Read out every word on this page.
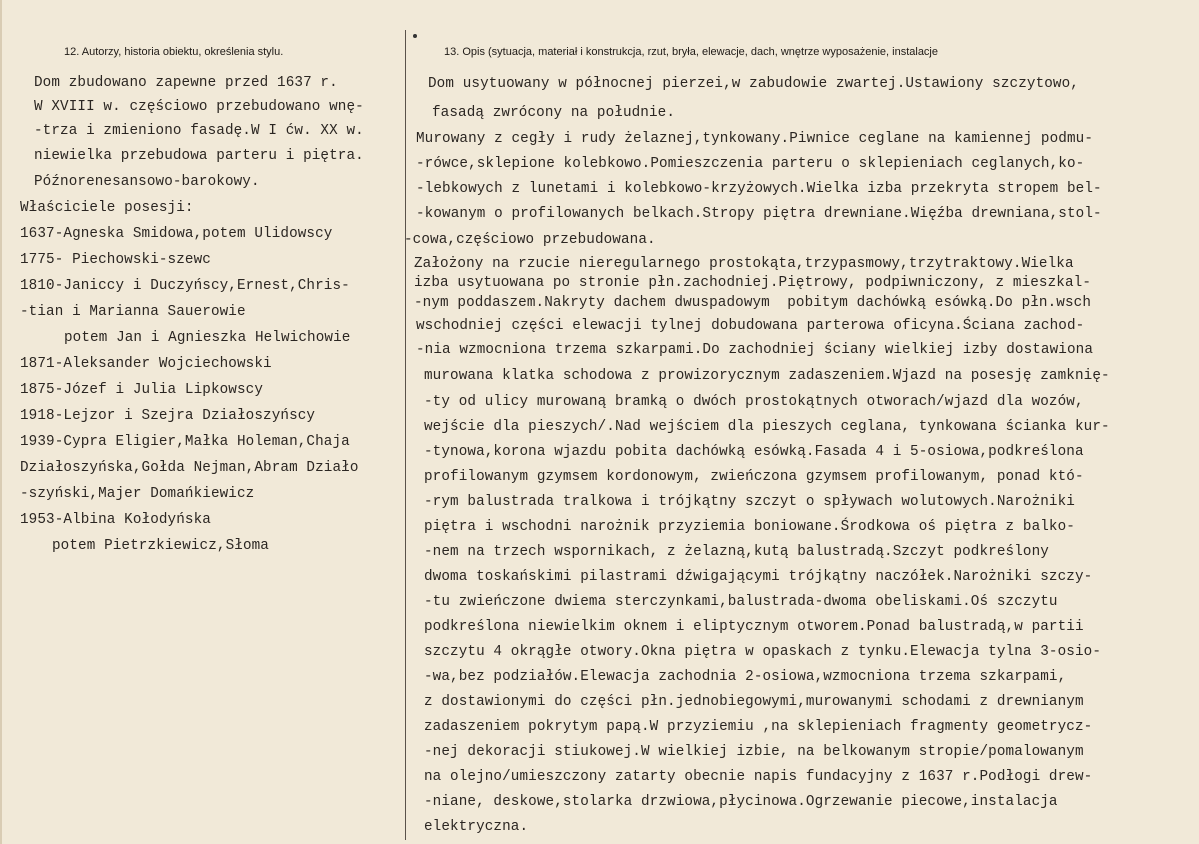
12. Autorzy, historia obiektu, określenia stylu.	13. Opis (sytuacja, materiał i konstrukcja, rzut, bryła, elewacje, dach, wnętrze wyposażenie, instalacje
Dom zbudowano zapewne przed 1637 r.
W XVIII w. częściowo przebudowano wnę-
-trza i zmieniono fasadę.W I ćw. XX w.
niewielka przebudowa parteru i piętra.
Późnorenesansowo-barokowy.
Właściciele posesji:
1637-Agneska Smidowa,potem Ulidowscy
1775- Piechowski-szewc
1810-Janiccy i Duczyńscy,Ernest,Chris-
-tian i Marianna Sauerowie
potem Jan i Agnieszka Helwichowie
1871-Aleksander Wojciechowski
1875-Józef i Julia Lipkowscy
1918-Lejzor i Szejra Działoszyńscy
1939-Cypra Eligier,Małka Holeman,Chaja
Działoszyńska,Gołda Nejman,Abram Działo
-szyński,Majer Domańkiewicz
1953-Albina Kołodyńska
potem Pietrzkiewicz,Słoma
Dom usytuowany w północnej pierzei,w zabudowie zwartej.Ustawiony szczytowo,
fasadą zwrócony na południe.
Murowany z cegły i rudy żelaznej,tynkowany.Piwnice ceglane na kamiennej podmu-
-rówce,sklepione kolebkowo.Pomieszczenia parteru o sklepieniach ceglanych,ko-
-lebkowych z lunetami i kolebkowo-krzyżowych.Wielka izba przekryta stropem bel-
-kowanym o profilowanych belkach.Stropy piętra drewniane.Więźba drewniana,stol-
-cowa,częściowo przebudowana.
Założony na rzucie nieregularnego prostokąta,trzypasmowy,trzytraktowy.Wielka
izba usytuowana po stronie płn.zachodniej.Piętrowy, podpiwniczony, z mieszkal-
-nym poddaszem.Nakryty dachem dwuspadowym  pobitym dachówką esówką.Do płn.wsch
wschodniej części elewacji tylnej dobudowana parterowa oficyna.Ściana zachod-
-nia wzmocniona trzema szkarpami.Do zachodniej ściany wielkiej izby dostawiona
murowana klatka schodowa z prowizorycznym zadaszeniem.Wjazd na posesję zamknię-
-ty od ulicy murowaną bramką o dwóch prostokątnych otworach/wjazd dla wozów,
wejście dla pieszych/.Nad wejściem dla pieszych ceglana, tynkowana ścianka kur-
-tynowa,korona wjazdu pobita dachówką esówką.Fasada 4 i 5-osiowa,podkreślona
profilowanym gzymsem kordonowym, zwieńczona gzymsem profilowanym, ponad któ-
-rym balustrada tralkowa i trójkątny szczyt o spływach wolutowych.Narożniki
piętra i wschodni narożnik przyziemia boniowane.Środkowa oś piętra z balko-
-nem na trzech wspornikach, z żelazną,kutą balustradą.Szczyt podkreślony
dwoma toskańskimi pilastrami dźwigającymi trójkątny naczółek.Narożniki szczy-
-tu zwieńczone dwiema sterczynkami,balustrada-dwoma obeliskami.Oś szczytu
podkreślona niewielkim oknem i eliptycznym otworem.Ponad balustradą,w partii
szczytu 4 okrągłe otwory.Okna piętra w opaskach z tynku.Elewacja tylna 3-osio-
-wa,bez podziałów.Elewacja zachodnia 2-osiowa,wzmocniona trzema szkarpami,
z dostawionymi do części płn.jednobiegowymi,murowanymi schodami z drewnianym
zadaszeniem pokrytym papą.W przyziemiu ,na sklepieniach fragmenty geometrycz-
-nej dekoracji stiukowej.W wielkiej izbie, na belkowanym stropie/pomalowanym
na olejno/umieszczony zatarty obecnie napis fundacyjny z 1637 r.Podłogi drew-
-niane, deskowe,stolarka drzwiowa,płycinowa.Ogrzewanie piecowe,instalacja
elektryczna.
